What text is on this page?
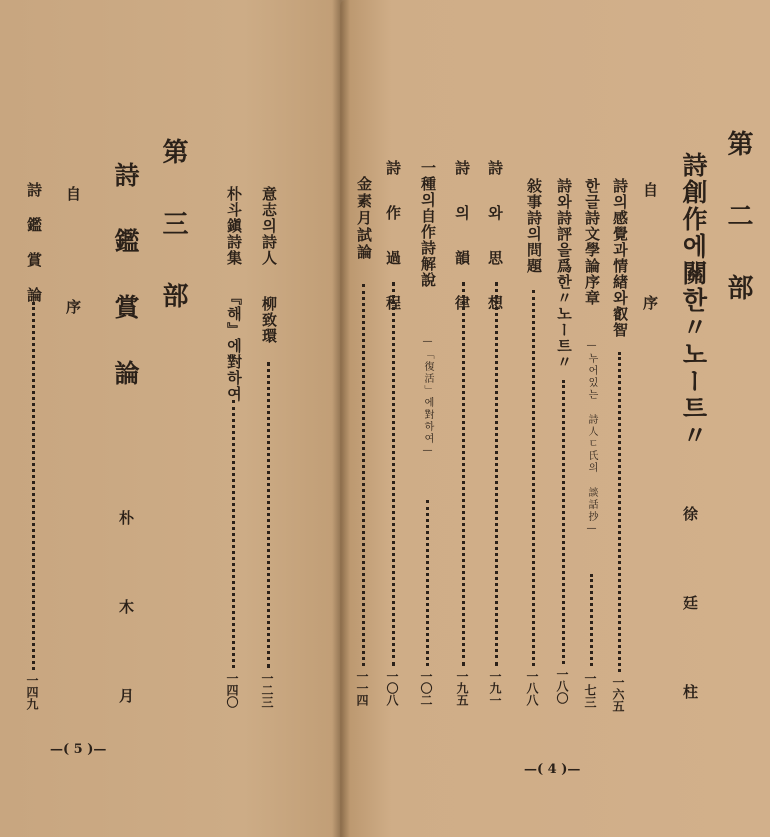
意志의詩人
柳致環
一二三
朴斗鎭詩集
『해』에對하여
一四〇
第 三 部
詩 鑑 賞 論
朴 木 月
自 序
詩 鑑 賞 論
一四九
—( 5 )—
第 二 部
詩創作에關한〃노ー트〃
徐 廷 柱
自 序
詩의感覺과情緖와叡智
一六五
한글詩文學論序章
—누어있는 詩人ㄷ氏의 談話抄—
一七三
詩와詩評을爲한〃노ー트〃
一八〇
敍事詩의問題
一八八
詩 와 思 想
一九一
詩 의 韻 律
一九五
一種의自作詩解說
—「復活」에對하여—
一〇二
詩 作 過 程
一〇八
金素月試論
一一四
—( 4 )—
